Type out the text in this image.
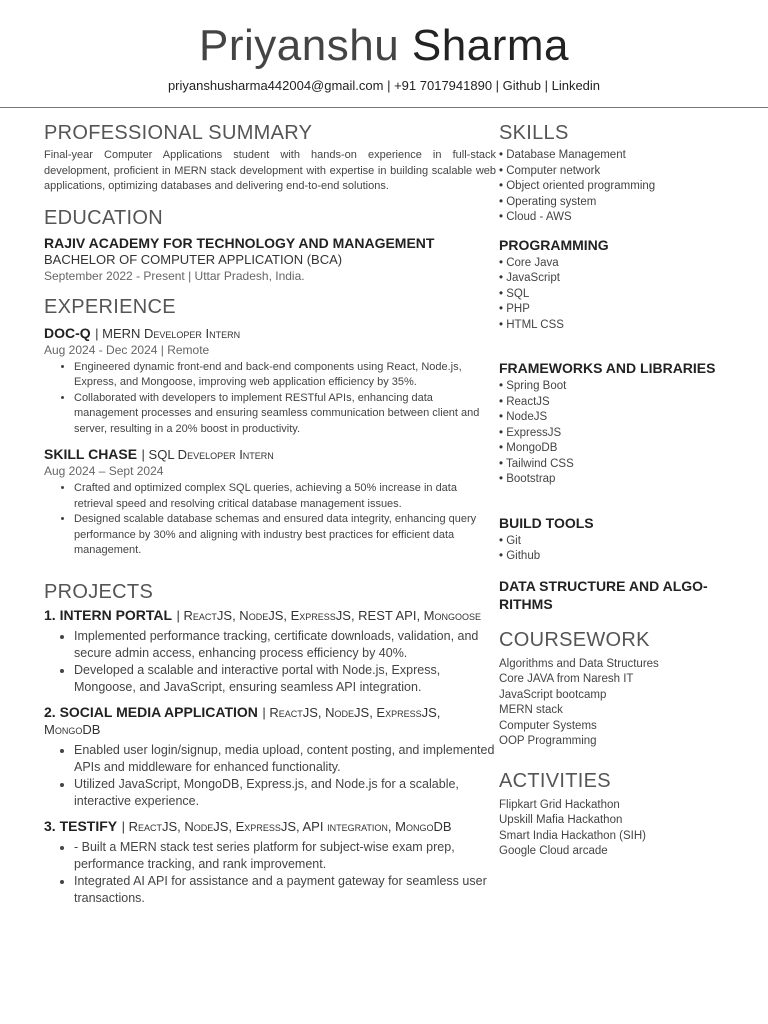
Priyanshu Sharma
priyanshusharma442004@gmail.com | +91 7017941890 | Github | Linkedin
PROFESSIONAL SUMMARY

Final-year Computer Applications student with hands-on experience in full-stack development, proficient in MERN stack development with expertise in building scalable web applications, optimizing databases and delivering end-to-end solutions.

EDUCATION
RAJIV ACADEMY FOR TECHNOLOGY AND MANAGEMENT
BACHELOR OF COMPUTER APPLICATION (BCA)
September 2022 - Present | Uttar Pradesh, India.
EXPERIENCE
DOC-Q | MERN Developer Intern
Aug 2024 - Dec 2024 | Remote
• Engineered dynamic front-end and back-end components using React, Node.js, Express, and Mongoose, improving web application efficiency by 35%.
• Collaborated with developers to implement RESTful APIs, enhancing data management processes and ensuring seamless communication between client and server, resulting in a 20% boost in productivity.
SKILL CHASE | SQL Developer Intern
Aug 2024 – Sept 2024
• Crafted and optimized complex SQL queries, achieving a 50% increase in data retrieval speed and resolving critical database management issues.
• Designed scalable database schemas and ensured data integrity, enhancing query performance by 30% and aligning with industry best practices for efficient data management.
PROJECTS
1. INTERN PORTAL | ReactJS, NodeJS, ExpressJS, REST API, Mongoose
• Implemented performance tracking, certificate downloads, validation, and secure admin access, enhancing process efficiency by 40%.
• Developed a scalable and interactive portal with Node.js, Express, Mongoose, and JavaScript, ensuring seamless API integration.
2. SOCIAL MEDIA APPLICATION | ReactJS, NodeJS, ExpressJS, MongoDB
• Enabled user login/signup, media upload, content posting, and implemented APIs and middleware for enhanced functionality.
• Utilized JavaScript, MongoDB, Express.js, and Node.js for a scalable, interactive experience.
3. TESTIFY | ReactJS, NodeJS, ExpressJS, API integration, MongoDB
• - Built a MERN stack test series platform for subject-wise exam prep, performance tracking, and rank improvement.
• Integrated AI API for assistance and a payment gateway for seamless user transactions.
SKILLS
• Database Management
• Computer network
• Object oriented programming
• Operating system
• Cloud - AWS
PROGRAMMING
• Core Java
• JavaScript
• SQL
• PHP
• HTML CSS
FRAMEWORKS AND LIBRARIES
• Spring Boot
• ReactJS
• NodeJS
• ExpressJS
• MongoDB
• Tailwind CSS
• Bootstrap
BUILD TOOLS
• Git
• Github
DATA STRUCTURE AND ALGO-
RITHMS
COURSEWORK
Algorithms and Data Structures
Core JAVA from Naresh IT
JavaScript bootcamp
MERN stack
Computer Systems
OOP Programming
ACTIVITIES
Flipkart Grid Hackathon
Upskill Mafia Hackathon
Smart India Hackathon (SIH)
Google Cloud arcade
